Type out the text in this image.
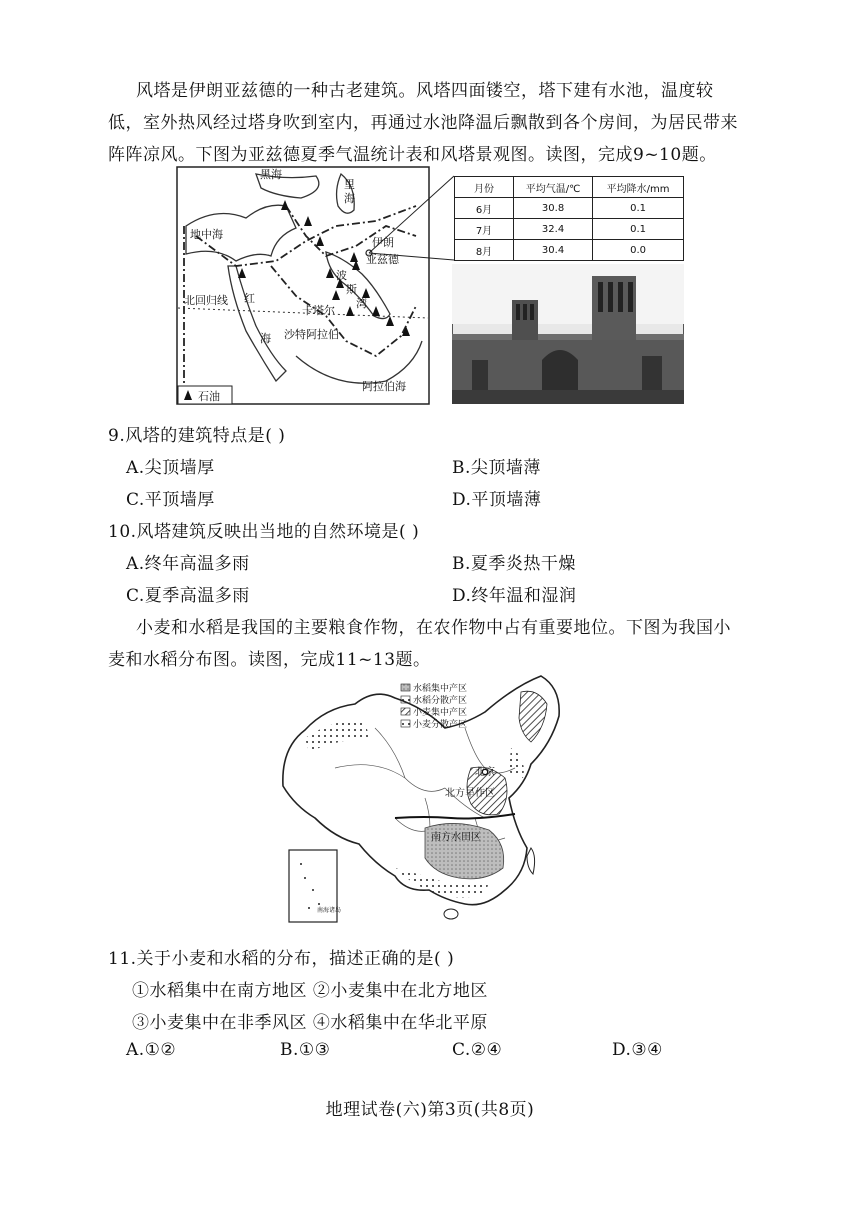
风塔是伊朗亚兹德的一种古老建筑。风塔四面镂空，塔下建有水池，温度较
低，室外热风经过塔身吹到室内，再通过水池降温后飘散到各个房间，为居民带来
阵阵凉风。下图为亚兹德夏季气温统计表和风塔景观图。读图，完成9~10题。
黑海
里
海
地中海
伊朗
亚兹德
波
斯
湾
北回归线 红
海
卡塔尔
沙特阿拉伯
阿拉伯海
石油
月份	平均气温/℃	平均降水/mm
6月	30.8	0.1
7月	32.4	0.1
8月	30.4	0.0
9.风塔的建筑特点是( )
A.尖顶墙厚	B.尖顶墙薄
C.平顶墙厚	D.平顶墙薄
10.风塔建筑反映出当地的自然环境是( )
A.终年高温多雨	B.夏季炎热干燥
C.夏季高温多雨	D.终年温和湿润
小麦和水稻是我国的主要粮食作物，在农作物中占有重要地位。下图为我国小
麦和水稻分布图。读图，完成11~13题。
水稻集中产区
水稻分散产区
小麦集中产区
小麦分散产区
北京
北方旱作区
南方水田区
南海诸岛
11.关于小麦和水稻的分布，描述正确的是( )
①水稻集中在南方地区 ②小麦集中在北方地区
③小麦集中在非季风区 ④水稻集中在华北平原
A.①②	B.①③	C.②④	D.③④
地理试卷(六)第3页(共8页)
